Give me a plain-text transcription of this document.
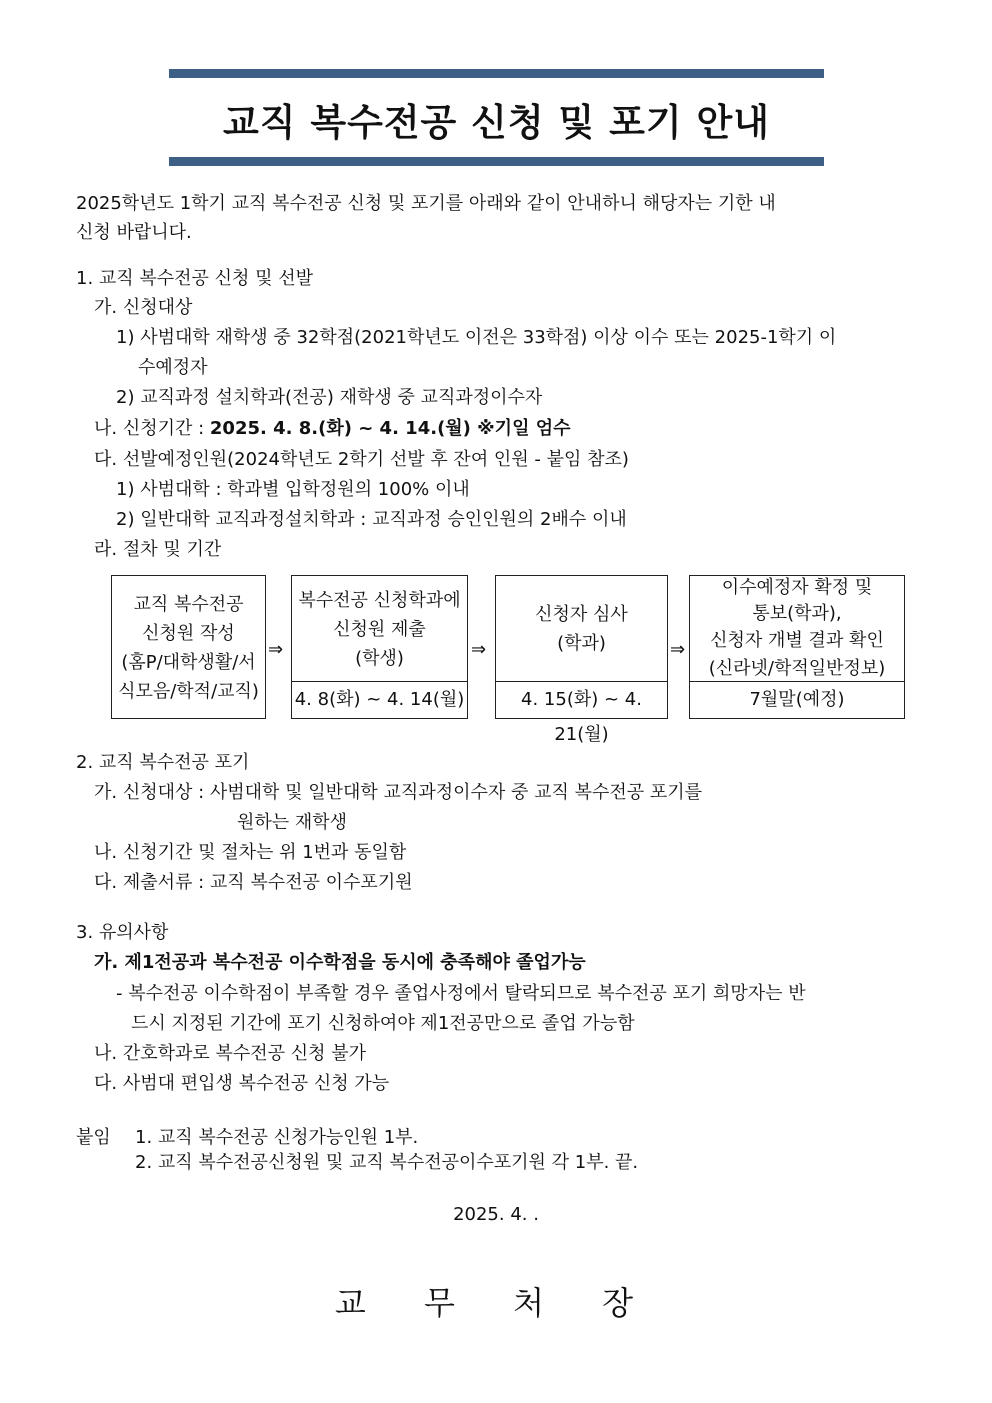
교직 복수전공 신청 및 포기 안내
2025학년도 1학기 교직 복수전공 신청 및 포기를 아래와 같이 안내하니 해당자는 기한 내
신청 바랍니다.
1. 교직 복수전공 신청 및 선발
가. 신청대상
1) 사범대학 재학생 중 32학점(2021학년도 이전은 33학점) 이상 이수 또는 2025-1학기 이
수예정자
2) 교직과정 설치학과(전공) 재학생 중 교직과정이수자
나. 신청기간 : 2025. 4. 8.(화) ~ 4. 14.(월) ※기일 엄수
다. 선발예정인원(2024학년도 2학기 선발 후 잔여 인원 - 붙임 참조)
1) 사범대학 : 학과별 입학정원의 100% 이내
2) 일반대학 교직과정설치학과 : 교직과정 승인인원의 2배수 이내
라. 절차 및 기간
교직 복수전공
신청원 작성
(홈P/대학생활/서
식모음/학적/교직)
⇒
복수전공 신청학과에
신청원 제출
(학생)
4. 8(화) ~ 4. 14(월)
⇒
신청자 심사
(학과)
4. 15(화) ~ 4. 21(월)
⇒
이수예정자 확정 및
통보(학과),
신청자 개별 결과 확인
(신라넷/학적일반정보)
7월말(예정)
2. 교직 복수전공 포기
가. 신청대상 : 사범대학 및 일반대학 교직과정이수자 중 교직 복수전공 포기를
원하는 재학생
나. 신청기간 및 절차는 위 1번과 동일함
다. 제출서류 : 교직 복수전공 이수포기원
3. 유의사항
가. 제1전공과 복수전공 이수학점을 동시에 충족해야 졸업가능
- 복수전공 이수학점이 부족할 경우 졸업사정에서 탈락되므로 복수전공 포기 희망자는 반
드시 지정된 기간에 포기 신청하여야 제1전공만으로 졸업 가능함
나. 간호학과로 복수전공 신청 불가
다. 사범대 편입생 복수전공 신청 가능
붙임 1. 교직 복수전공 신청가능인원 1부.
2. 교직 복수전공신청원 및 교직 복수전공이수포기원 각 1부. 끝.
2025. 4. .
교 무 처 장
